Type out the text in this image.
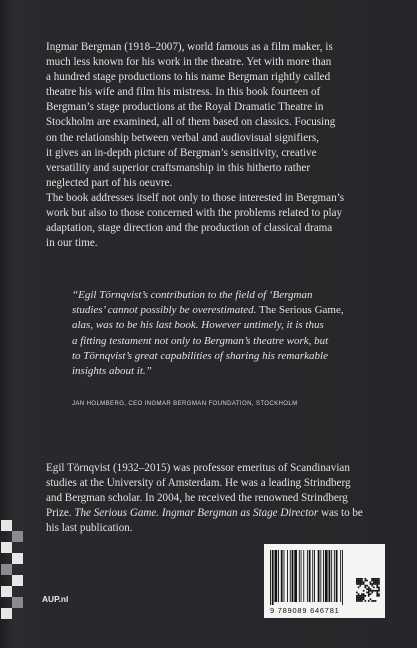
Ingmar Bergman (1918–2007), world famous as a film maker, is
much less known for his work in the theatre. Yet with more than
a hundred stage productions to his name Bergman rightly called
theatre his wife and film his mistress. In this book fourteen of
Bergman’s stage productions at the Royal Dramatic Theatre in
Stockholm are examined, all of them based on classics. Focusing
on the relationship between verbal and audiovisual signifiers,
it gives an in-depth picture of Bergman’s sensitivity, creative
versatility and superior craftsmanship in this hitherto rather
neglected part of his oeuvre.

The book addresses itself not only to those interested in Bergman’s
work but also to those concerned with the problems related to play
adaptation, stage direction and the production of classical drama
in our time.

“Egil Törnqvist’s contribution to the field of ‘Bergman
studies’ cannot possibly be overestimated. The Serious Game,
alas, was to be his last book. However untimely, it is thus
a fitting testament not only to Bergman’s theatre work, but
to Törnqvist’s great capabilities of sharing his remarkable
insights about it.”

JAN HOLMBERG, CEO INGMAR BERGMAN FOUNDATION, STOCKHOLM

Egil Törnqvist (1932–2015) was professor emeritus of Scandinavian
studies at the University of Amsterdam. He was a leading Strindberg
and Bergman scholar. In 2004, he received the renowned Strindberg
Prize. The Serious Game. Ingmar Bergman as Stage Director was to be
his last publication.

AUP.nl
9 789089 646781
